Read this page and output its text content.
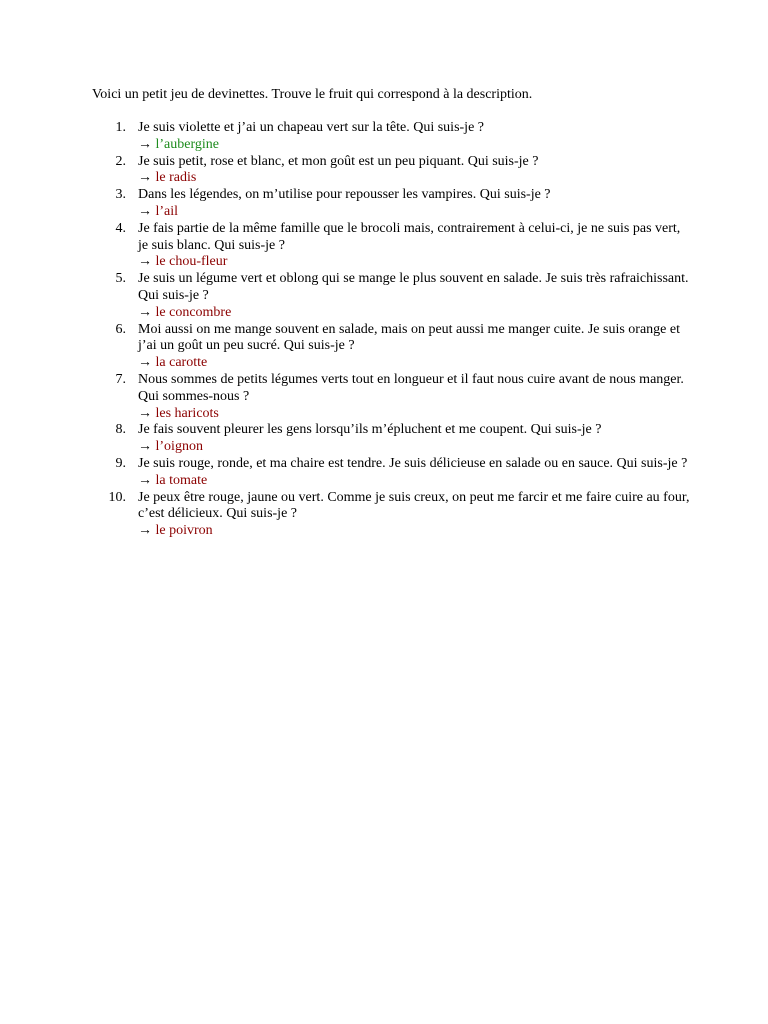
Voici un petit jeu de devinettes. Trouve le fruit qui correspond à la description.
1. Je suis violette et j’ai un chapeau vert sur la tête. Qui suis-je ?
→ l’aubergine
2. Je suis petit, rose et blanc, et mon goût est un peu piquant. Qui suis-je ?
→ le radis
3. Dans les légendes, on m’utilise pour repousser les vampires. Qui suis-je ?
→ l’ail
4. Je fais partie de la même famille que le brocoli mais, contrairement à celui-ci, je ne suis pas vert, je suis blanc. Qui suis-je ?
→ le chou-fleur
5. Je suis un légume vert et oblong qui se mange le plus souvent en salade. Je suis très rafraichissant. Qui suis-je ?
→ le concombre
6. Moi aussi on me mange souvent en salade, mais on peut aussi me manger cuite. Je suis orange et j’ai un goût un peu sucré. Qui suis-je ?
→ la carotte
7. Nous sommes de petits légumes verts tout en longueur et il faut nous cuire avant de nous manger. Qui sommes-nous ?
→ les haricots
8. Je fais souvent pleurer les gens lorsqu’ils m’épluchent et me coupent. Qui suis-je ?
→ l’oignon
9. Je suis rouge, ronde, et ma chaire est tendre. Je suis délicieuse en salade ou en sauce. Qui suis-je ?
→ la tomate
10. Je peux être rouge, jaune ou vert. Comme je suis creux, on peut me farcir et me faire cuire au four, c’est délicieux. Qui suis-je ?
→ le poivron
